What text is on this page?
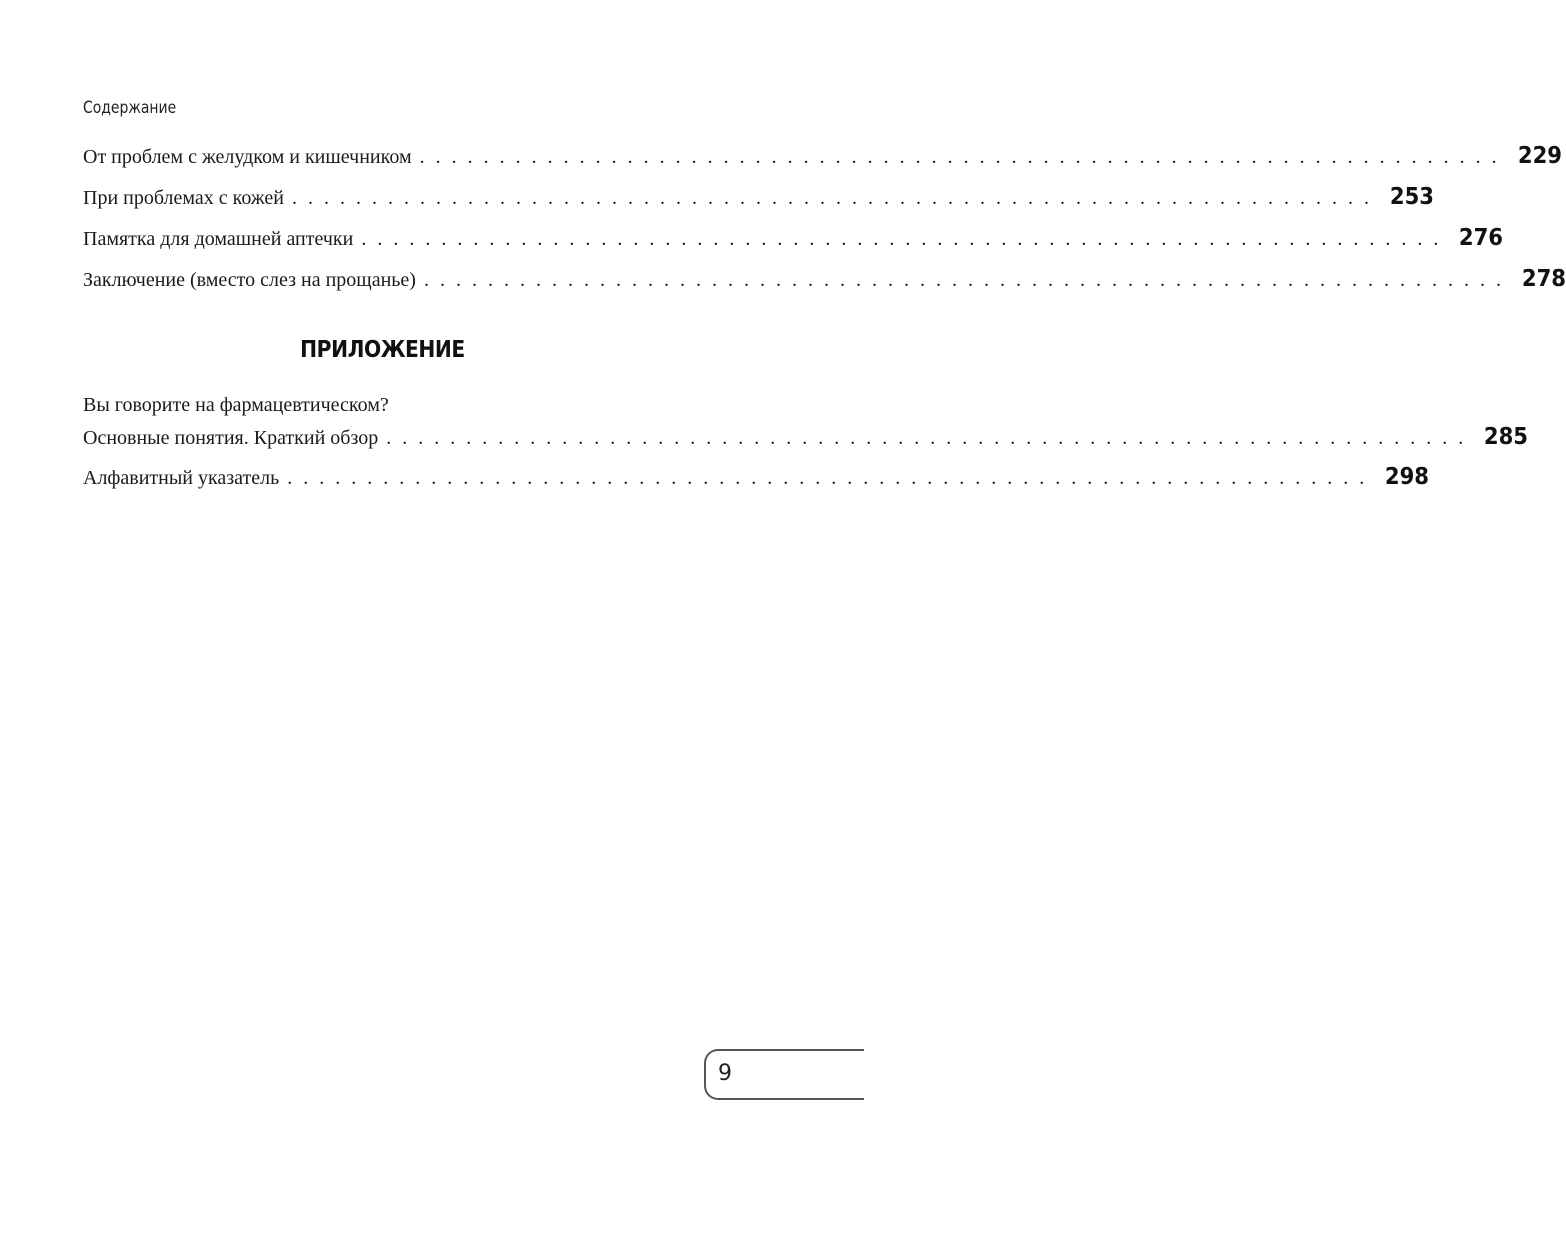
Содержание
От проблем с желудком и кишечником .................................................................... 229
При проблемах с кожей .................................................................... 253
Памятка для домашней аптечки .................................................................... 276
Заключение (вместо слез на прощанье) .................................................................... 278
ПРИЛОЖЕНИЕ
Вы говорите на фармацевтическом?
Основные понятия. Краткий обзор .................................................................... 285
Алфавитный указатель .................................................................... 298
9
